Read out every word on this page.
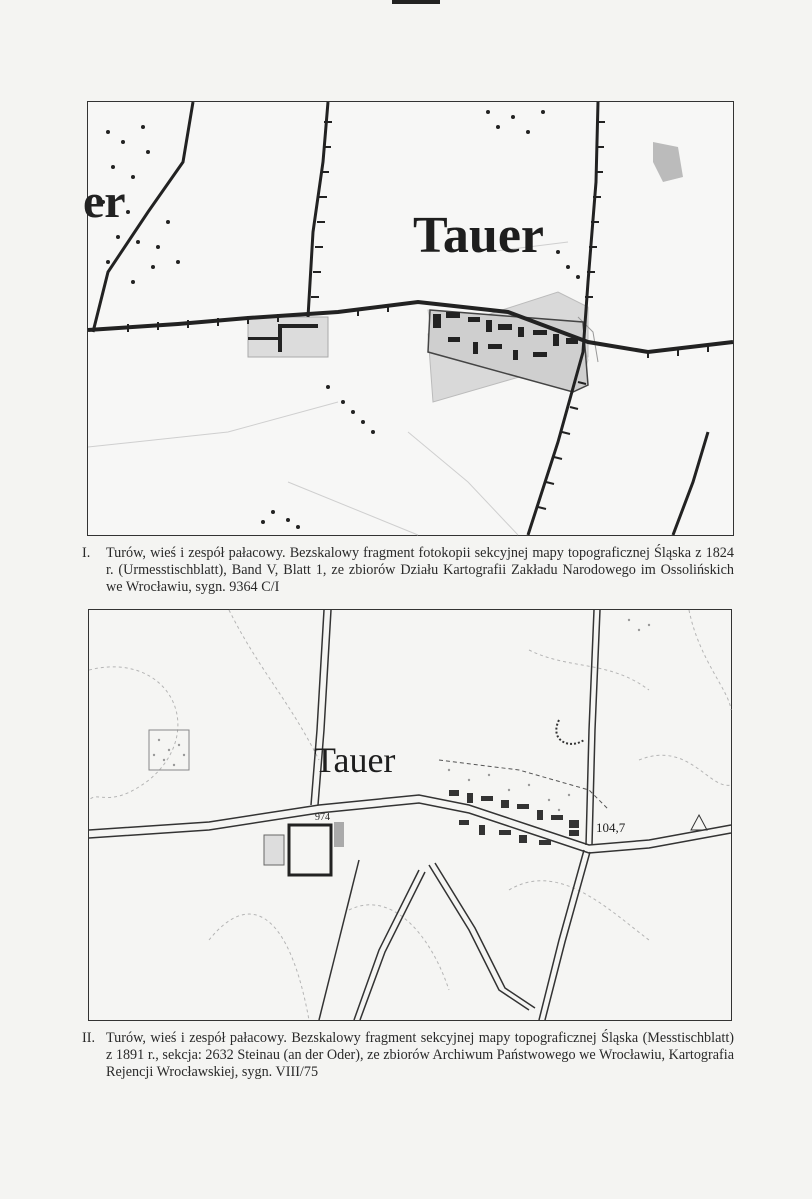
er
Tauer
I. Turów, wieś i zespół pałacowy. Bezskalowy fragment fotokopii sekcyjnej mapy topograficznej Śląska z 1824 r. (Urmesstischblatt), Band V, Blatt 1, ze zbiorów Działu Kartografii Zakładu Narodowego im Ossolińskich we Wrocławiu, sygn. 9364 C/I
Tauer
104,7
974
II. Turów, wieś i zespół pałacowy. Bezskalowy fragment sekcyjnej mapy topograficznej Śląska (Messtischblatt) z 1891 r., sekcja: 2632 Steinau (an der Oder), ze zbiorów Archiwum Państwowego we Wrocławiu, Kartografia Rejencji Wrocławskiej, sygn. VIII/75
